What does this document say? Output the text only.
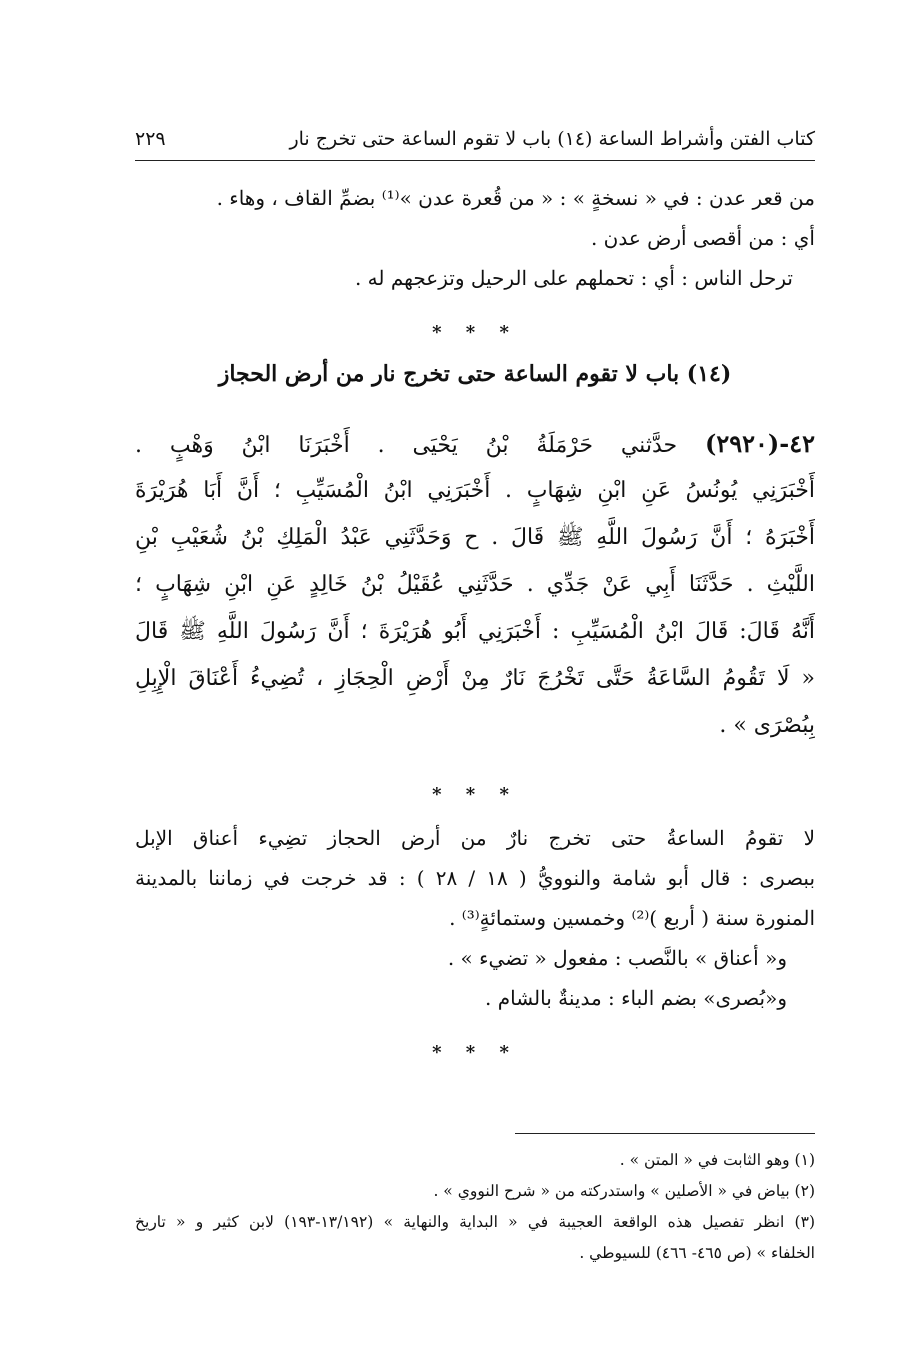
كتاب الفتن وأشراط الساعة (١٤) باب لا تقوم الساعة حتى تخرج نار
٢٢٩
من قعر عدن : في « نسخةٍ » : « من قُعرة عدن »⁽¹⁾ بضمِّ القاف ، وهاء .
أي : من أقصى أرض عدن .
ترحل الناس : أي : تحملهم على الرحيل وتزعجهم له .
* * *
(١٤) باب لا تقوم الساعة حتى تخرج نار من أرض الحجاز
٤٢-(٢٩٢٠) حدَّثني حَرْمَلَةُ بْنُ يَحْيَى . أَخْبَرَنَا ابْنُ وَهْبٍ .
أَخْبَرَنِي يُونُسُ عَنِ ابْنِ شِهَابٍ . أَخْبَرَنِي ابْنُ الْمُسَيِّبِ ؛ أَنَّ أَبَا هُرَيْرَةَ
أَخْبَرَهُ ؛ أَنَّ رَسُولَ اللَّهِ ﷺ قَالَ . ح وَحَدَّثَنِي عَبْدُ الْمَلِكِ بْنُ شُعَيْبِ بْنِ
اللَّيْثِ . حَدَّثَنَا أَبِي عَنْ جَدِّي . حَدَّثَنِي عُقَيْلُ بْنُ خَالِدٍ عَنِ ابْنِ شِهَابٍ ؛
أَنَّهُ قَالَ: قَالَ ابْنُ الْمُسَيِّبِ : أَخْبَرَنِي أَبُو هُرَيْرَةَ ؛ أَنَّ رَسُولَ اللَّهِ ﷺ قَالَ
« لَا تَقُومُ السَّاعَةُ حَتَّى تَخْرُجَ نَارٌ مِنْ أَرْضِ الْحِجَازِ ، تُضِيءُ أَعْنَاقَ الْإِبِلِ
بِبُصْرَى » .
* * *
لا تقومُ الساعةُ حتى تخرج نارٌ من أرض الحجاز تضِيء أعناق الإبل
ببصرى : قال أبو شامة والنوويُّ ( ١٨ / ٢٨ ) : قد خرجت في زماننا بالمدينة
المنورة سنة ( أربع )⁽²⁾ وخمسين وستمائةٍ⁽³⁾ .
و« أعناق » بالنَّصب : مفعول « تضيء » .
و«بُصرى» بضم الباء : مدينةٌ بالشام .
* * *
(١) وهو الثابت في « المتن » .
(٢) بياض في « الأصلين » واستدركته من « شرح النووي » .
(٣) انظر تفصيل هذه الواقعة العجيبة في « البداية والنهاية » (١٣/١٩٢-١٩٣) لابن كثير و « تاريخ
الخلفاء » (ص ٤٦٥- ٤٦٦) للسيوطي .
